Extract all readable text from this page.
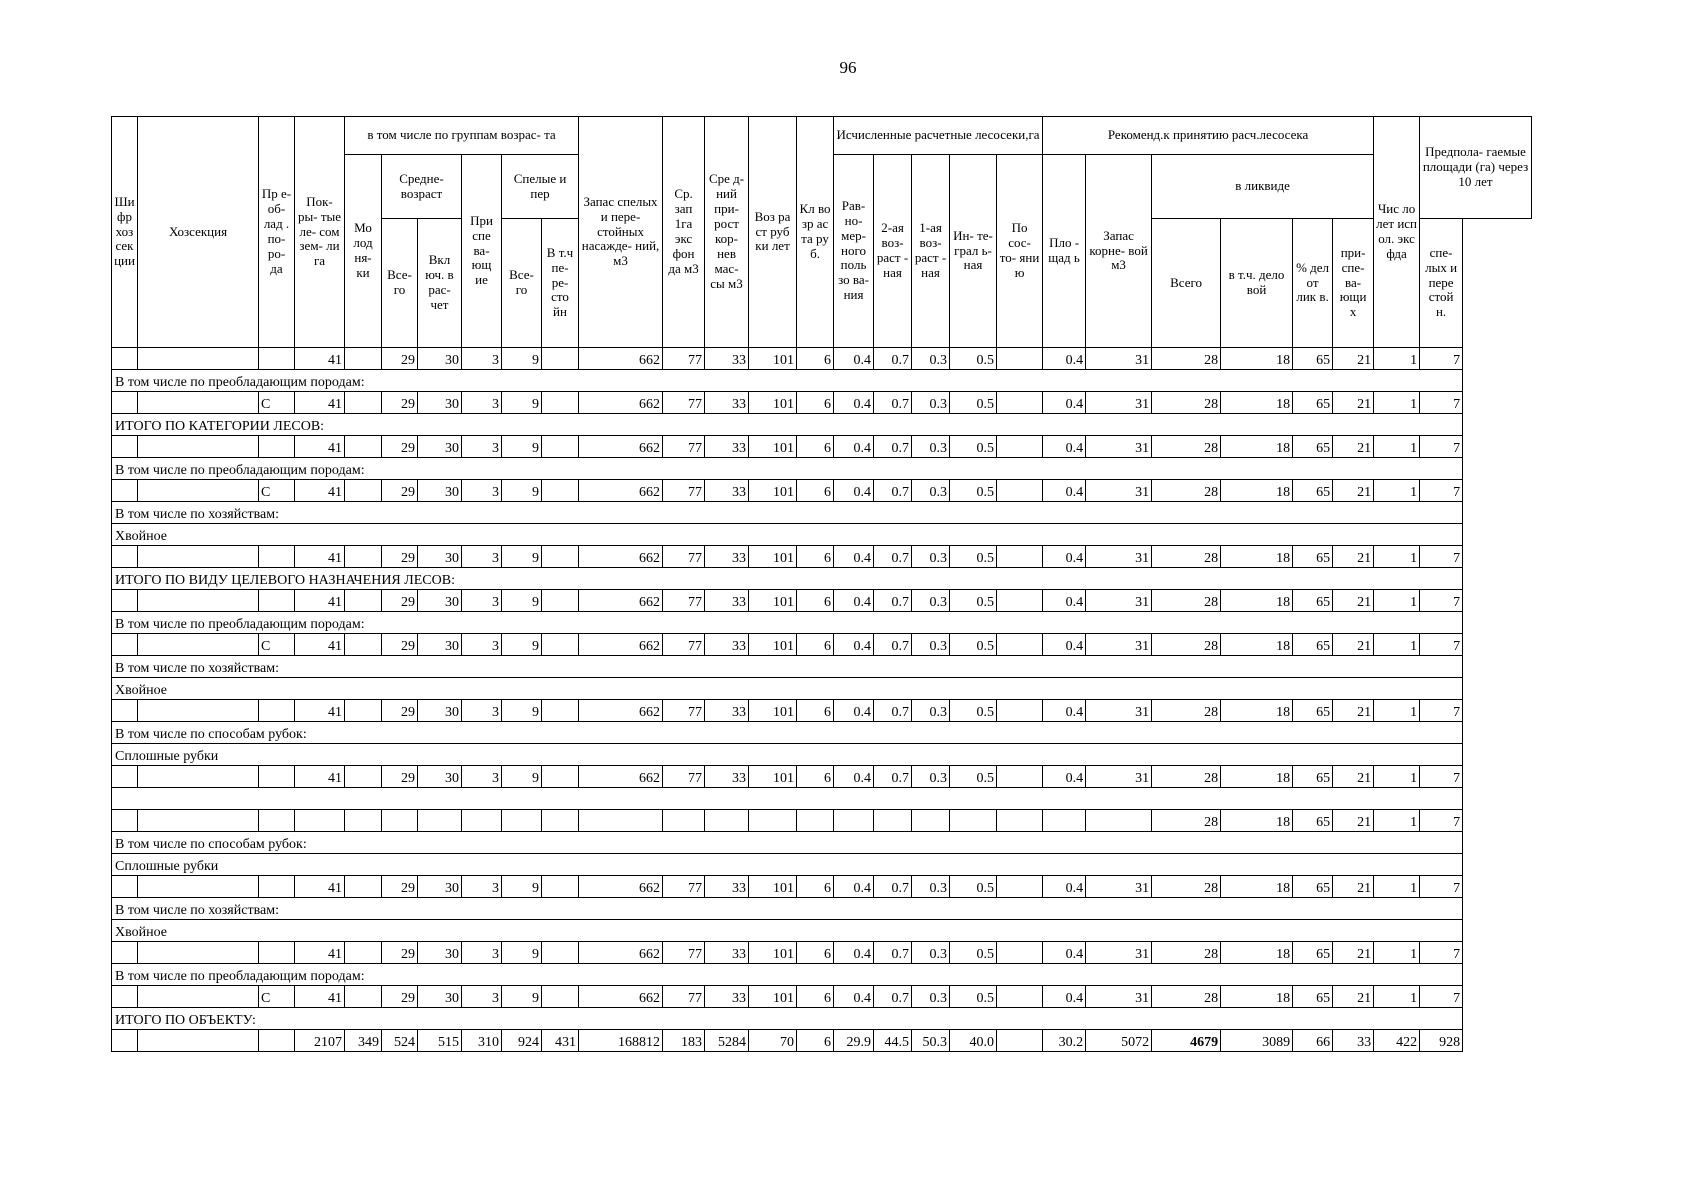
96
Шифр хозсекции	Хозсекция	Пр е- об- лад . по- ро- да	Пок- ры- тые ле- сом зем- ли га	в том числе по группам возрас- та						Запас спелых и пере- стойных насажде- ний, м3	Ср. зап 1га экс фон да м3	Сре д- ний при- рост кор- нев мас- сы м3	Воз ра ст руб ки лет	Кл во зр ас та ру б.	Исчисленные расчетные лесосеки,га					Рекоменд.к принятию расч.лесосека						Чис ло лет исп ол. экс фда	Предпола- гаемые площади (га) через 10 лет
				Мо лод ня- ки	Средне- возраст		При спе ва- ющ ие	Спелые и пер							Рав- но- мер- ного поль зо ва- ния	2-ая воз- раст - ная	1-ая воз- раст - ная	Ин- те- грал ь- ная	По сос- то- яни ю	Пло - щад ь	Запас корне- вой м3	в ликвиде					
					Все- го	Вкл юч. в рас- чет		Все- го	В т.ч пе- ре- сто йн													Всего	в т.ч. дело вой	% дел от лик в.	при- спе- ва- ющи х		спе- лых и пере стой н.
			41		29	30	3	9		662	77	33	101	6	0.4	0.7	0.3	0.5		0.4	31	28	18	65	21	1	7
В том числе по преобладающим породам:																											
		С	41		29	30	3	9		662	77	33	101	6	0.4	0.7	0.3	0.5		0.4	31	28	18	65	21	1	7
ИТОГО ПО КАТЕГОРИИ ЛЕСОВ:																											
			41		29	30	3	9		662	77	33	101	6	0.4	0.7	0.3	0.5		0.4	31	28	18	65	21	1	7
В том числе по преобладающим породам:																											
		С	41		29	30	3	9		662	77	33	101	6	0.4	0.7	0.3	0.5		0.4	31	28	18	65	21	1	7
В том числе по хозяйствам:																											
Хвойное																											
			41		29	30	3	9		662	77	33	101	6	0.4	0.7	0.3	0.5		0.4	31	28	18	65	21	1	7
ИТОГО ПО ВИДУ ЦЕЛЕВОГО НАЗНАЧЕНИЯ ЛЕСОВ:																											
			41		29	30	3	9		662	77	33	101	6	0.4	0.7	0.3	0.5		0.4	31	28	18	65	21	1	7
В том числе по преобладающим породам:																											
		С	41		29	30	3	9		662	77	33	101	6	0.4	0.7	0.3	0.5		0.4	31	28	18	65	21	1	7
В том числе по хозяйствам:																											
Хвойное																											
			41		29	30	3	9		662	77	33	101	6	0.4	0.7	0.3	0.5		0.4	31	28	18	65	21	1	7
В том числе по способам рубок:																											
Сплошные рубки																											
			41		29	30	3	9		662	77	33	101	6	0.4	0.7	0.3	0.5		0.4	31	28	18	65	21	1	7

																						28	18	65	21	1	7
В том числе по способам рубок:																											
Сплошные рубки																											
			41		29	30	3	9		662	77	33	101	6	0.4	0.7	0.3	0.5		0.4	31	28	18	65	21	1	7
В том числе по хозяйствам:																											
Хвойное																											
			41		29	30	3	9		662	77	33	101	6	0.4	0.7	0.3	0.5		0.4	31	28	18	65	21	1	7
В том числе по преобладающим породам:																											
		С	41		29	30	3	9		662	77	33	101	6	0.4	0.7	0.3	0.5		0.4	31	28	18	65	21	1	7
ИТОГО ПО ОБЪЕКТУ:																											
			2107	349	524	515	310	924	431	168812	183	5284	70	6	29.9	44.5	50.3	40.0		30.2	5072	4679	3089	66	33	422	928
